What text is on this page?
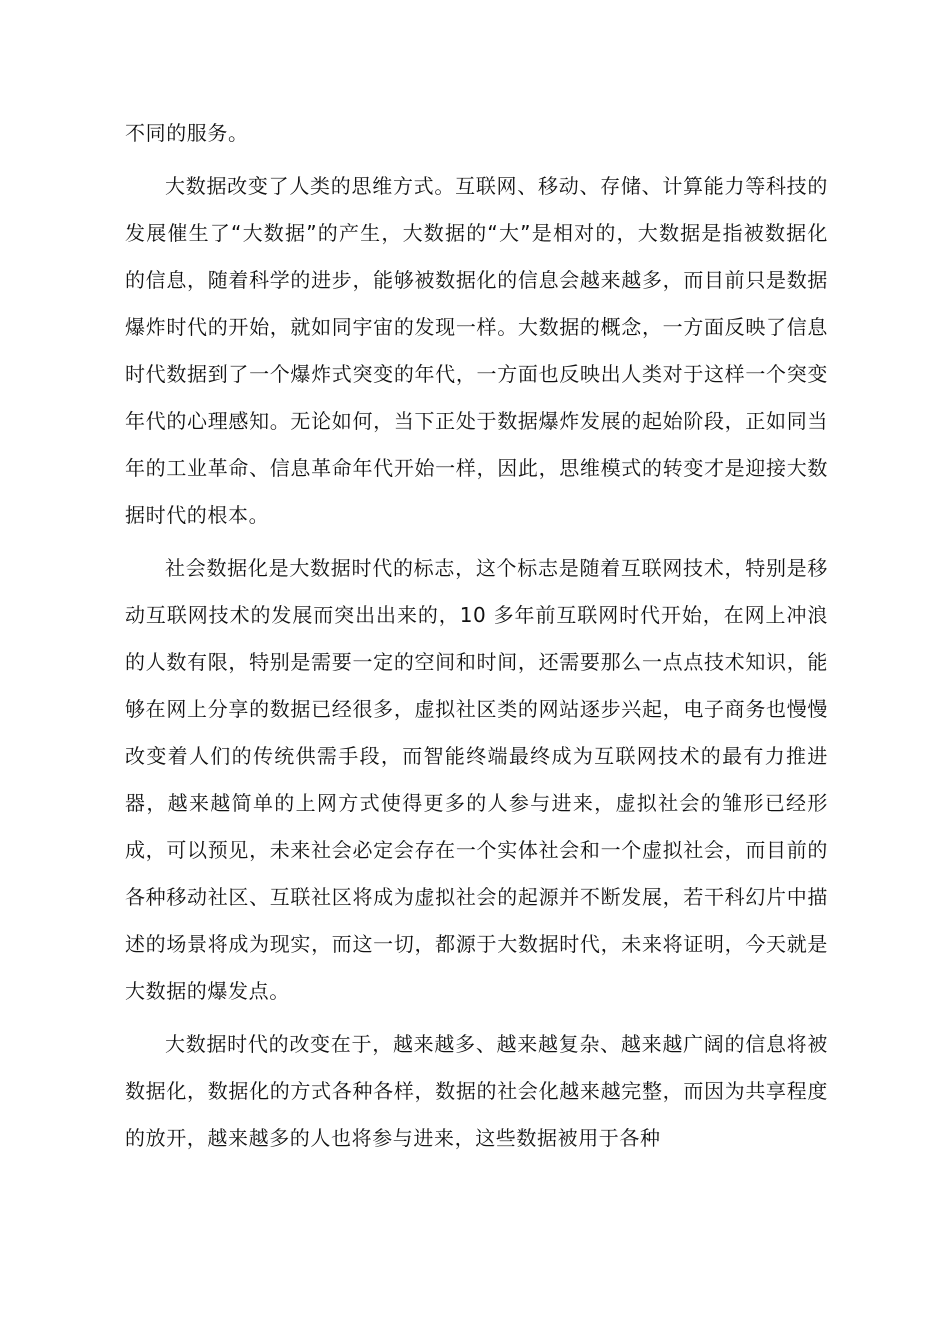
不同的服务。

大数据改变了人类的思维方式。互联网、移动、存储、计算能力等科技的发展催生了“大数据”的产生，大数据的“大”是相对的，大数据是指被数据化的信息，随着科学的进步，能够被数据化的信息会越来越多，而目前只是数据爆炸时代的开始，就如同宇宙的发现一样。大数据的概念，一方面反映了信息时代数据到了一个爆炸式突变的年代，一方面也反映出人类对于这样一个突变年代的心理感知。无论如何，当下正处于数据爆炸发展的起始阶段，正如同当年的工业革命、信息革命年代开始一样，因此，思维模式的转变才是迎接大数据时代的根本。

社会数据化是大数据时代的标志，这个标志是随着互联网技术，特别是移动互联网技术的发展而突出出来的，10 多年前互联网时代开始，在网上冲浪的人数有限，特别是需要一定的空间和时间，还需要那么一点点技术知识，能够在网上分享的数据已经很多，虚拟社区类的网站逐步兴起，电子商务也慢慢改变着人们的传统供需手段，而智能终端最终成为互联网技术的最有力推进器，越来越简单的上网方式使得更多的人参与进来，虚拟社会的雏形已经形成，可以预见，未来社会必定会存在一个实体社会和一个虚拟社会，而目前的各种移动社区、互联社区将成为虚拟社会的起源并不断发展，若干科幻片中描述的场景将成为现实，而这一切，都源于大数据时代，未来将证明，今天就是大数据的爆发点。

大数据时代的改变在于，越来越多、越来越复杂、越来越广阔的信息将被数据化，数据化的方式各种各样，数据的社会化越来越完整，而因为共享程度的放开，越来越多的人也将参与进来，这些数据被用于各种
